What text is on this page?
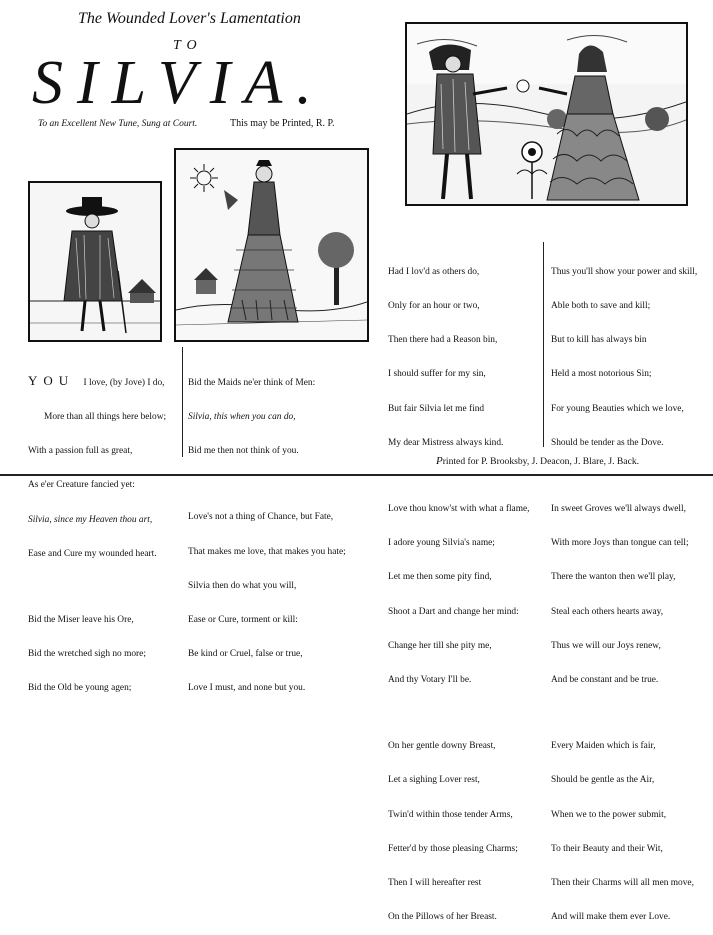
The Wounded Lover's Lamentation
TO
SILVIA.
To an Excellent New Tune, Sung at Court.	This may be Printed, R. P.

YOU I love, (by Jove) I do,

More than all things here below;

With a passion full as great,

As e'er Creature fancied yet:

Silvia, since my Heaven thou art,

Ease and Cure my wounded heart.

Bid the Miser leave his Ore,

Bid the wretched sigh no more;

Bid the Old be young agen;

Bid the Maids ne'er think of Men:

Silvia, this when you can do,

Bid me then not think of you.

Love's not a thing of Chance, but Fate,

That makes me love, that makes you hate;

Silvia then do what you will,

Ease or Cure, torment or kill:

Be kind or Cruel, false or true,

Love I must, and none but you.

Had I lov'd as others do,

Only for an hour or two,

Then there had a Reason bin,

I should suffer for my sin,

But fair Silvia let me find

My dear Mistress always kind.

Love thou know'st with what a flame,

I adore young Silvia's name;

Let me then some pity find,

Shoot a Dart and change her mind:

Change her till she pity me,

And thy Votary I'll be.

On her gentle downy Breast,

Let a sighing Lover rest,

Twin'd within those tender Arms,

Fetter'd by those pleasing Charms;

Then I will hereafter rest

On the Pillows of her Breast.

Thus you'll show your power and skill,

Able both to save and kill;

But to kill has always bin

Held a most notorious Sin;

For young Beauties which we love,

Should be tender as the Dove.

In sweet Groves we'll always dwell,

With more Joys than tongue can tell;

There the wanton then we'll play,

Steal each others hearts away,

Thus we will our Joys renew,

And be constant and be true.

Every Maiden which is fair,

Should be gentle as the Air,

When we to the power submit,

To their Beauty and their Wit,

Then their Charms will all men move,

And will make them ever Love.

Printed for P. Brooksby, J. Deacon, J. Blare, J. Back.
